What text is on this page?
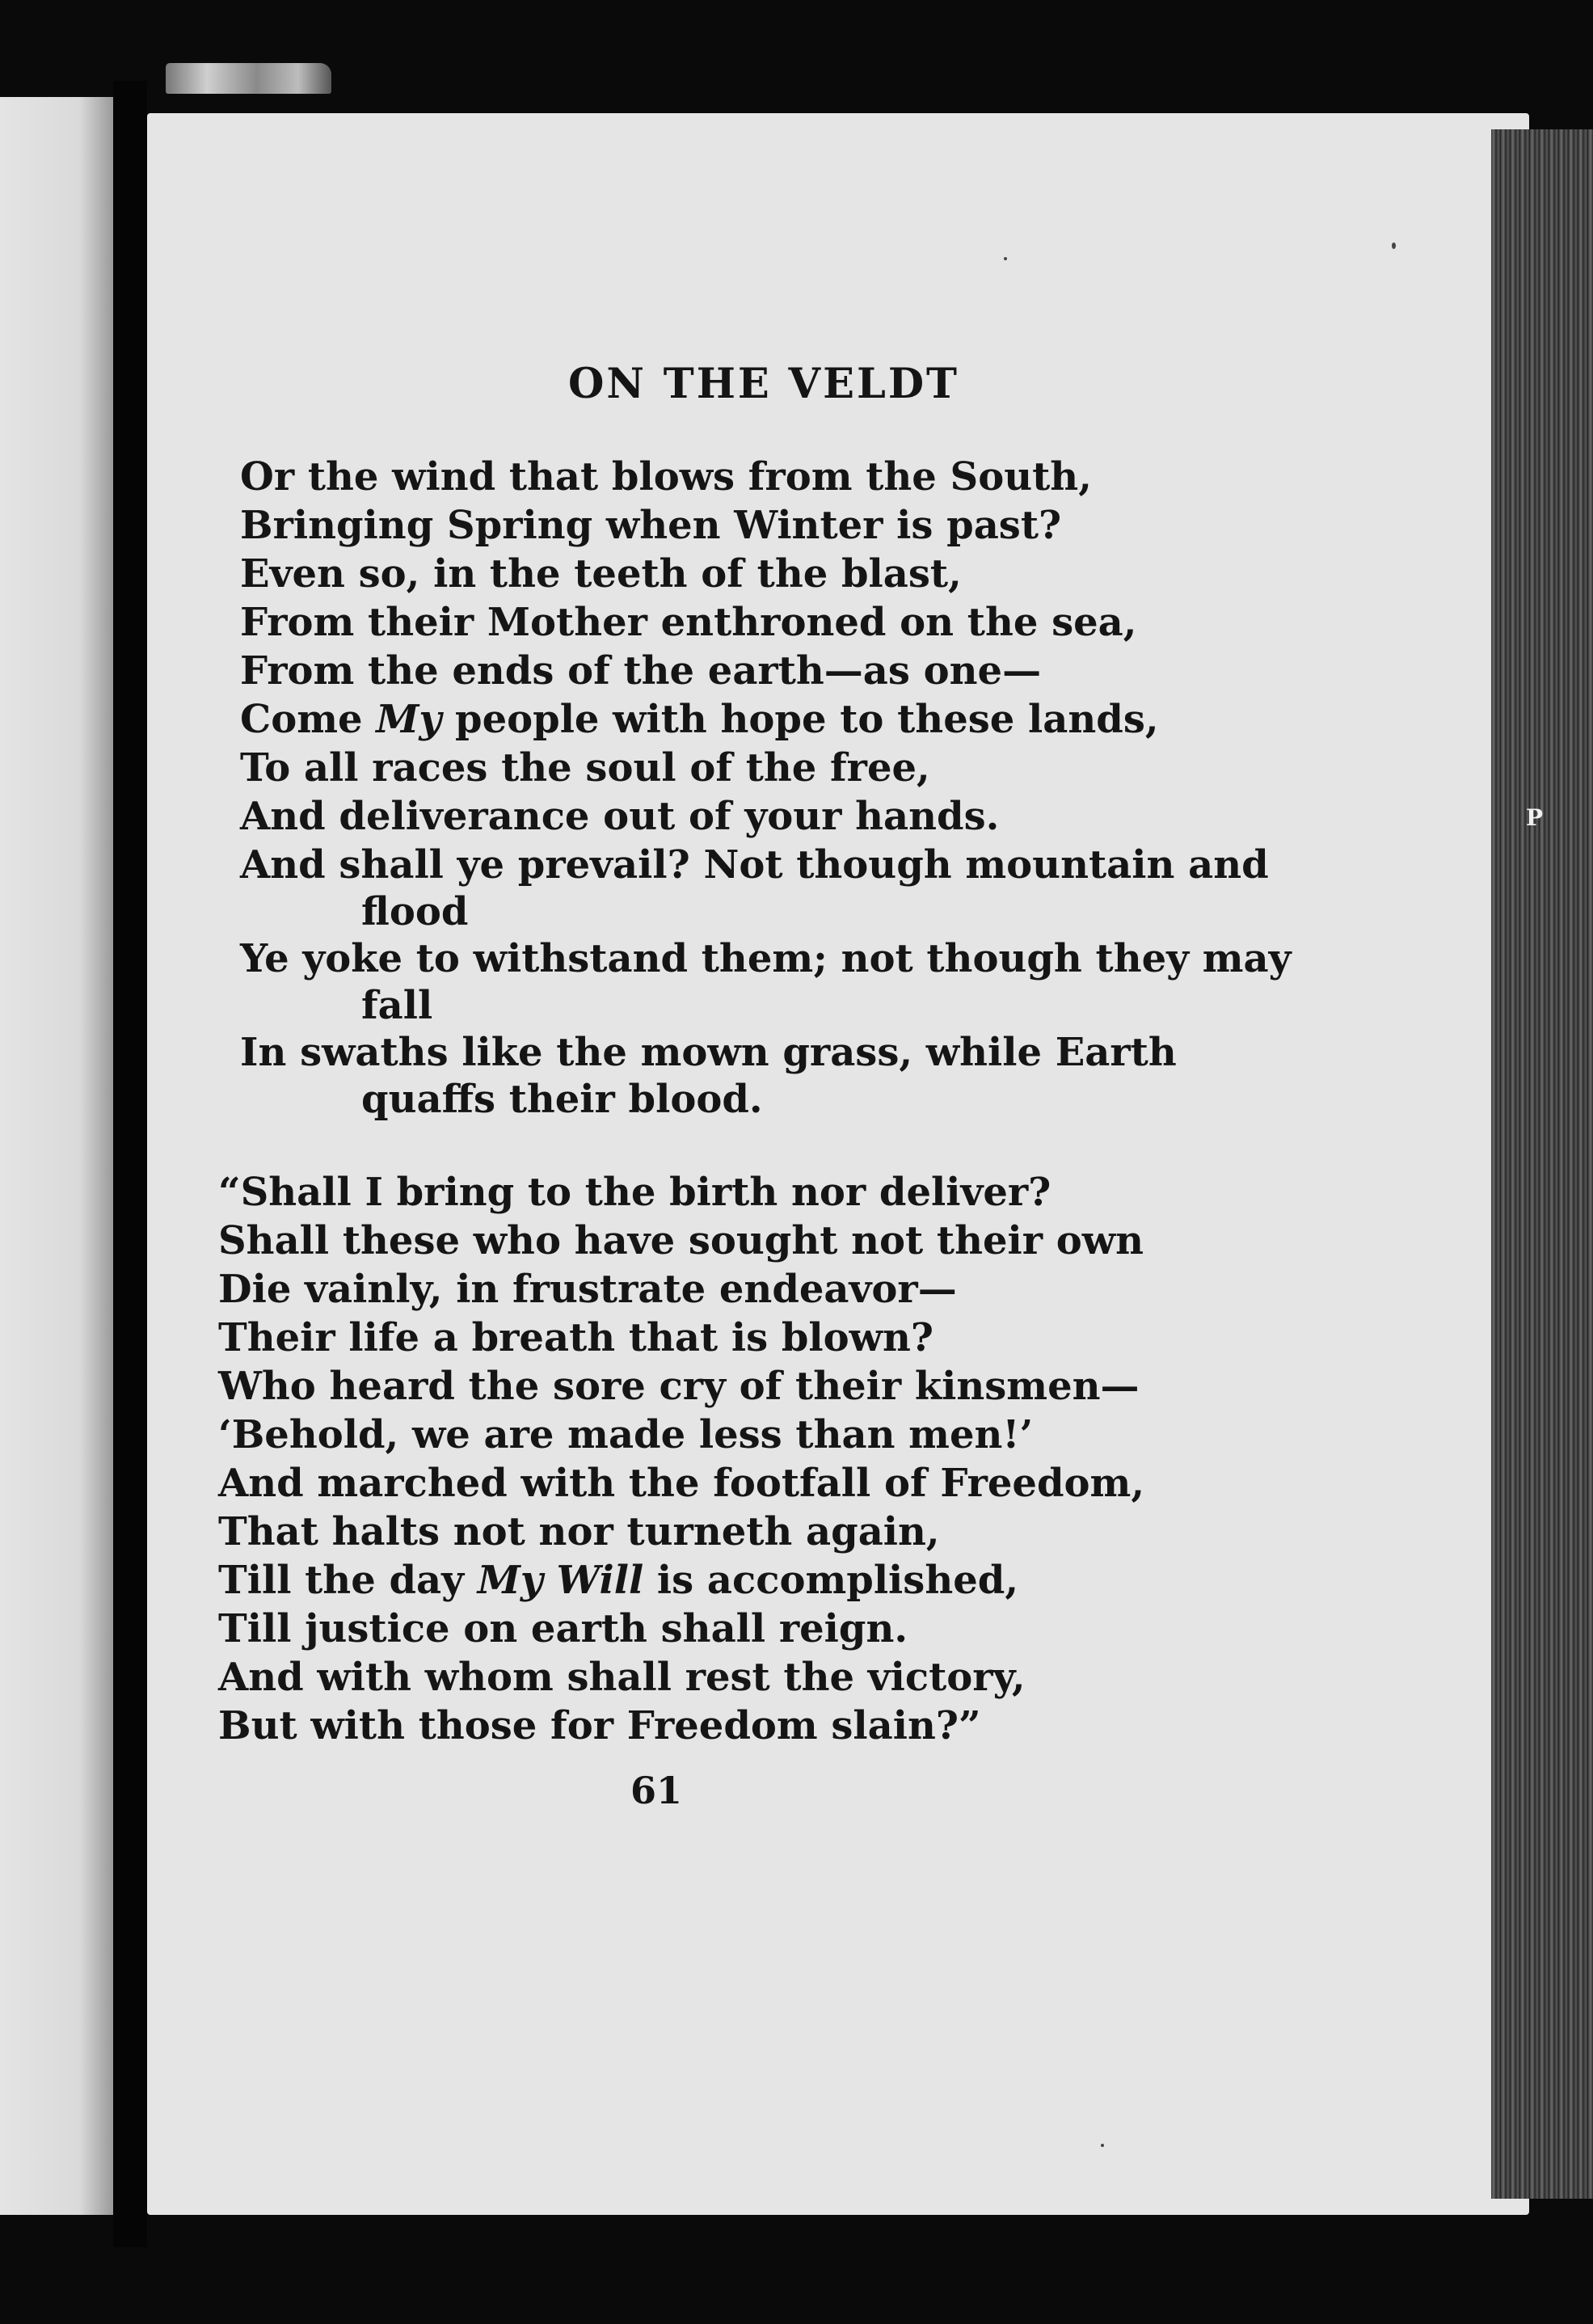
P
ON THE VELDT
Or the wind that blows from the South,
Bringing Spring when Winter is past?
Even so, in the teeth of the blast,
From their Mother enthroned on the sea,
From the ends of the earth—as one—
Come My people with hope to these lands,
To all races the soul of the free,
And deliverance out of your hands.
And shall ye prevail? Not though mountain and
flood
Ye yoke to withstand them; not though they may
fall
In swaths like the mown grass, while Earth
quaffs their blood.
“Shall I bring to the birth nor deliver?
Shall these who have sought not their own
Die vainly, in frustrate endeavor—
Their life a breath that is blown?
Who heard the sore cry of their kinsmen—
‘Behold, we are made less than men!’
And marched with the footfall of Freedom,
That halts not nor turneth again,
Till the day My Will is accomplished,
Till justice on earth shall reign.
And with whom shall rest the victory,
But with those for Freedom slain?”
61
